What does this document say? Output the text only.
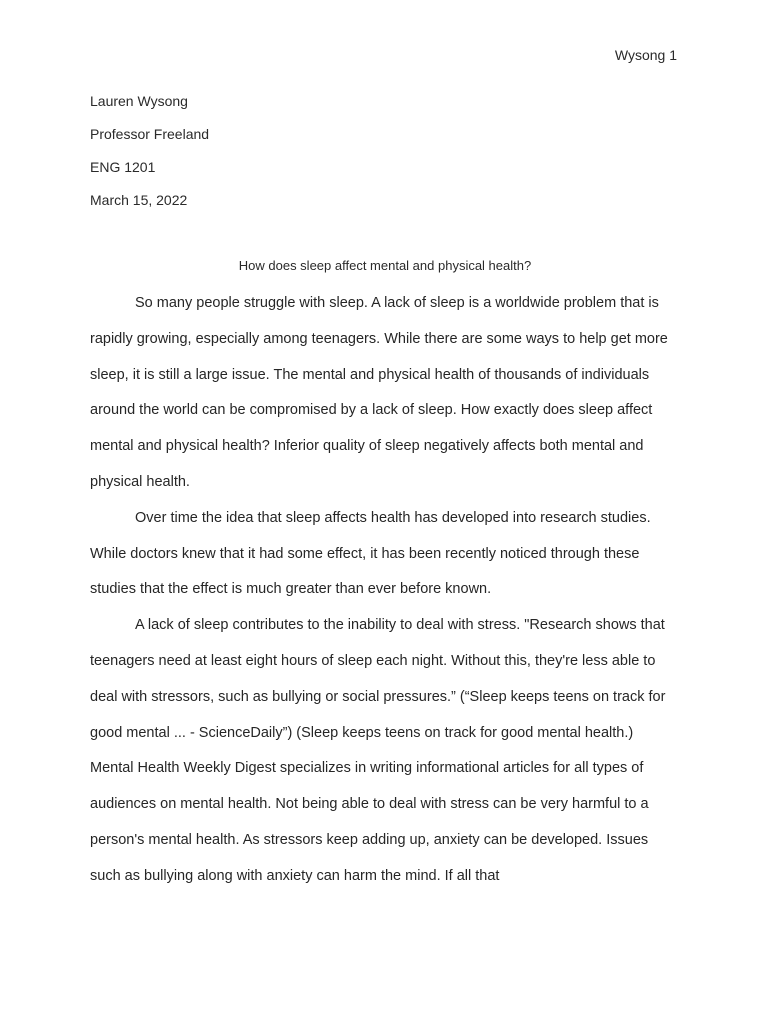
Wysong 1
Lauren Wysong
Professor Freeland
ENG 1201
March 15, 2022
How does sleep affect mental and physical health?

So many people struggle with sleep. A lack of sleep is a worldwide problem that is rapidly growing, especially among teenagers. While there are some ways to help get more sleep, it is still a large issue. The mental and physical health of thousands of individuals around the world can be compromised by a lack of sleep. How exactly does sleep affect mental and physical health? Inferior quality of sleep negatively affects both mental and physical health.

Over time the idea that sleep affects health has developed into research studies. While doctors knew that it had some effect, it has been recently noticed through these studies that the effect is much greater than ever before known.

A lack of sleep contributes to the inability to deal with stress. "Research shows that teenagers need at least eight hours of sleep each night. Without this, they're less able to deal with stressors, such as bullying or social pressures.” (“Sleep keeps teens on track for good mental ... - ScienceDaily”) (Sleep keeps teens on track for good mental health.) Mental Health Weekly Digest specializes in writing informational articles for all types of audiences on mental health. Not being able to deal with stress can be very harmful to a person's mental health. As stressors keep adding up, anxiety can be developed. Issues such as bullying along with anxiety can harm the mind. If all that
